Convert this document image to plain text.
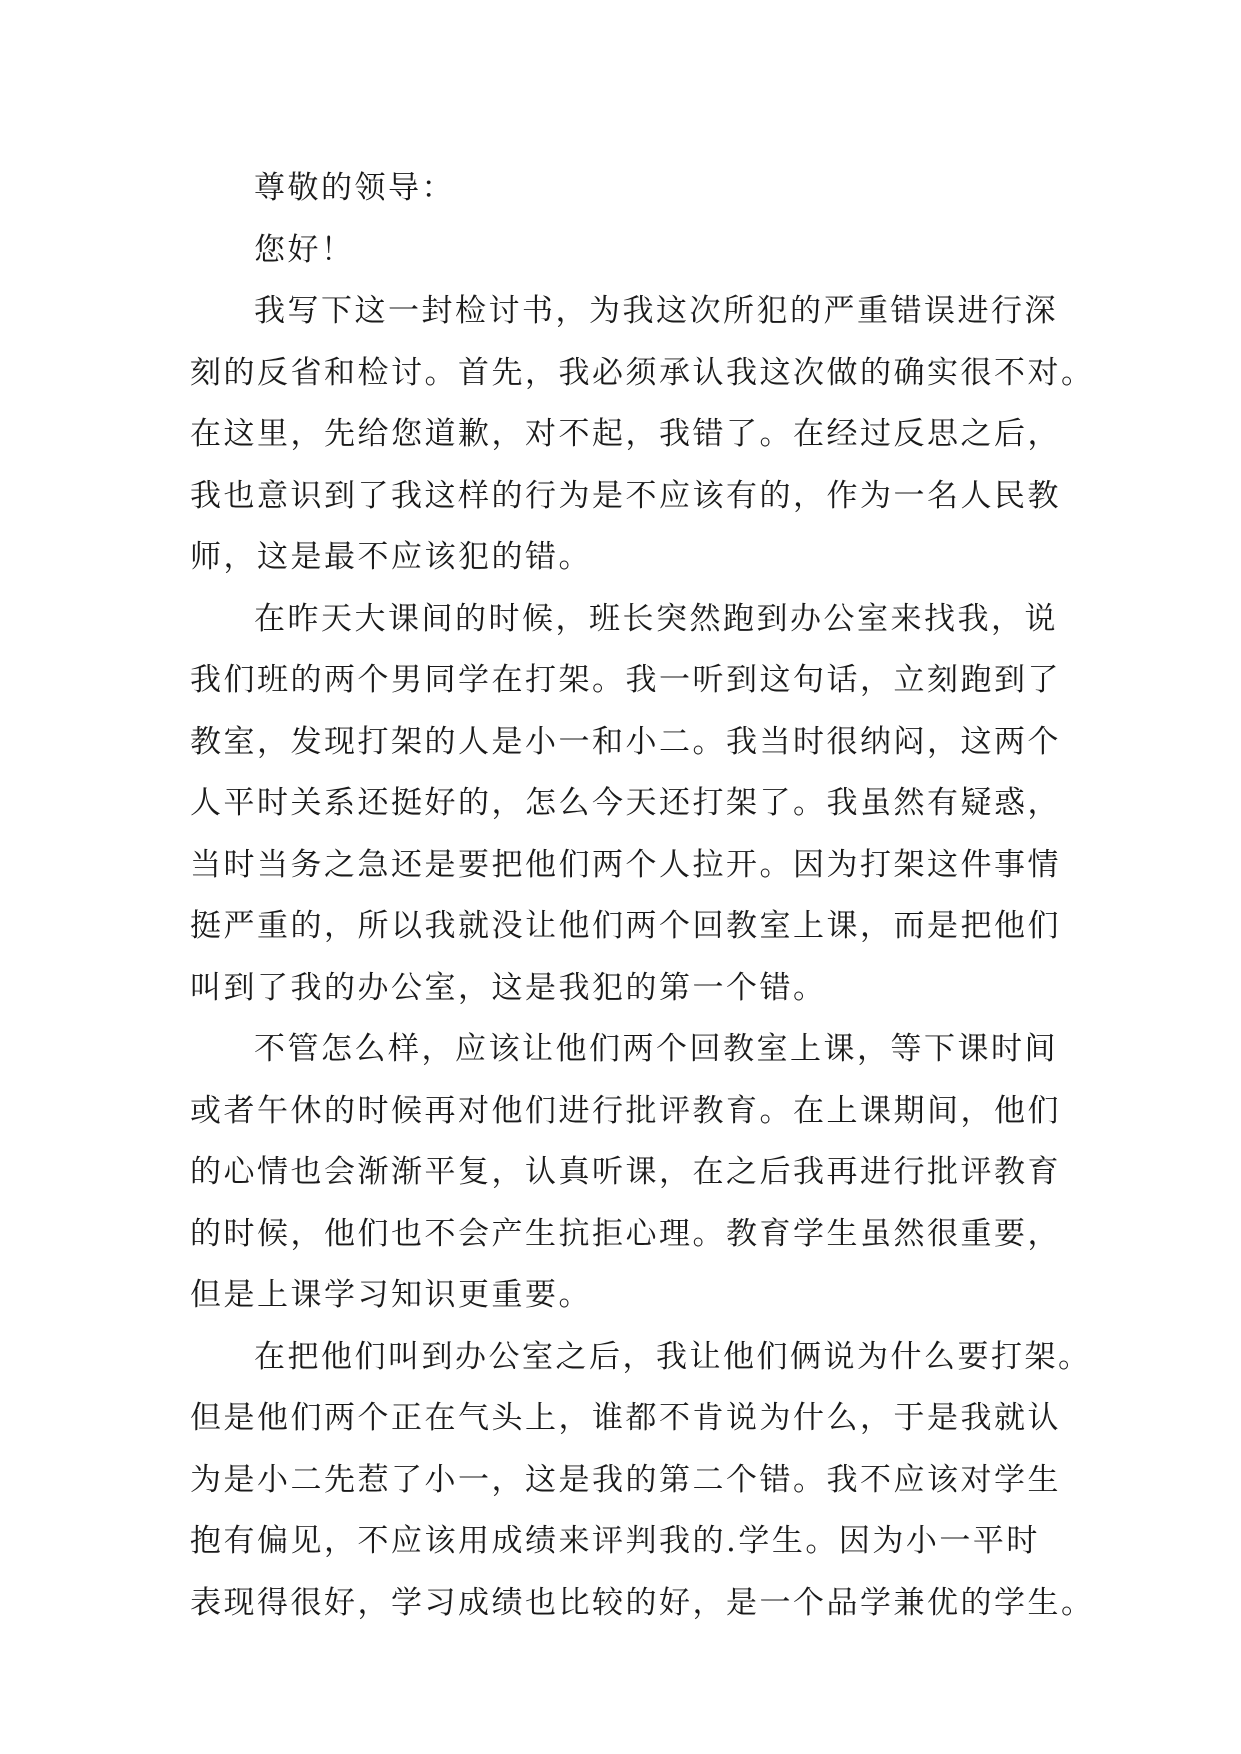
尊敬的领导：
您好！
我写下这一封检讨书，为我这次所犯的严重错误进行深
刻的反省和检讨。首先，我必须承认我这次做的确实很不对。
在这里，先给您道歉，对不起，我错了。在经过反思之后，
我也意识到了我这样的行为是不应该有的，作为一名人民教
师，这是最不应该犯的错。
在昨天大课间的时候，班长突然跑到办公室来找我，说
我们班的两个男同学在打架。我一听到这句话，立刻跑到了
教室，发现打架的人是小一和小二。我当时很纳闷，这两个
人平时关系还挺好的，怎么今天还打架了。我虽然有疑惑，
当时当务之急还是要把他们两个人拉开。因为打架这件事情
挺严重的，所以我就没让他们两个回教室上课，而是把他们
叫到了我的办公室，这是我犯的第一个错。
不管怎么样，应该让他们两个回教室上课，等下课时间
或者午休的时候再对他们进行批评教育。在上课期间，他们
的心情也会渐渐平复，认真听课，在之后我再进行批评教育
的时候，他们也不会产生抗拒心理。教育学生虽然很重要，
但是上课学习知识更重要。
在把他们叫到办公室之后，我让他们俩说为什么要打架。
但是他们两个正在气头上，谁都不肯说为什么，于是我就认
为是小二先惹了小一，这是我的第二个错。我不应该对学生
抱有偏见，不应该用成绩来评判我的.学生。因为小一平时
表现得很好，学习成绩也比较的好，是一个品学兼优的学生。
